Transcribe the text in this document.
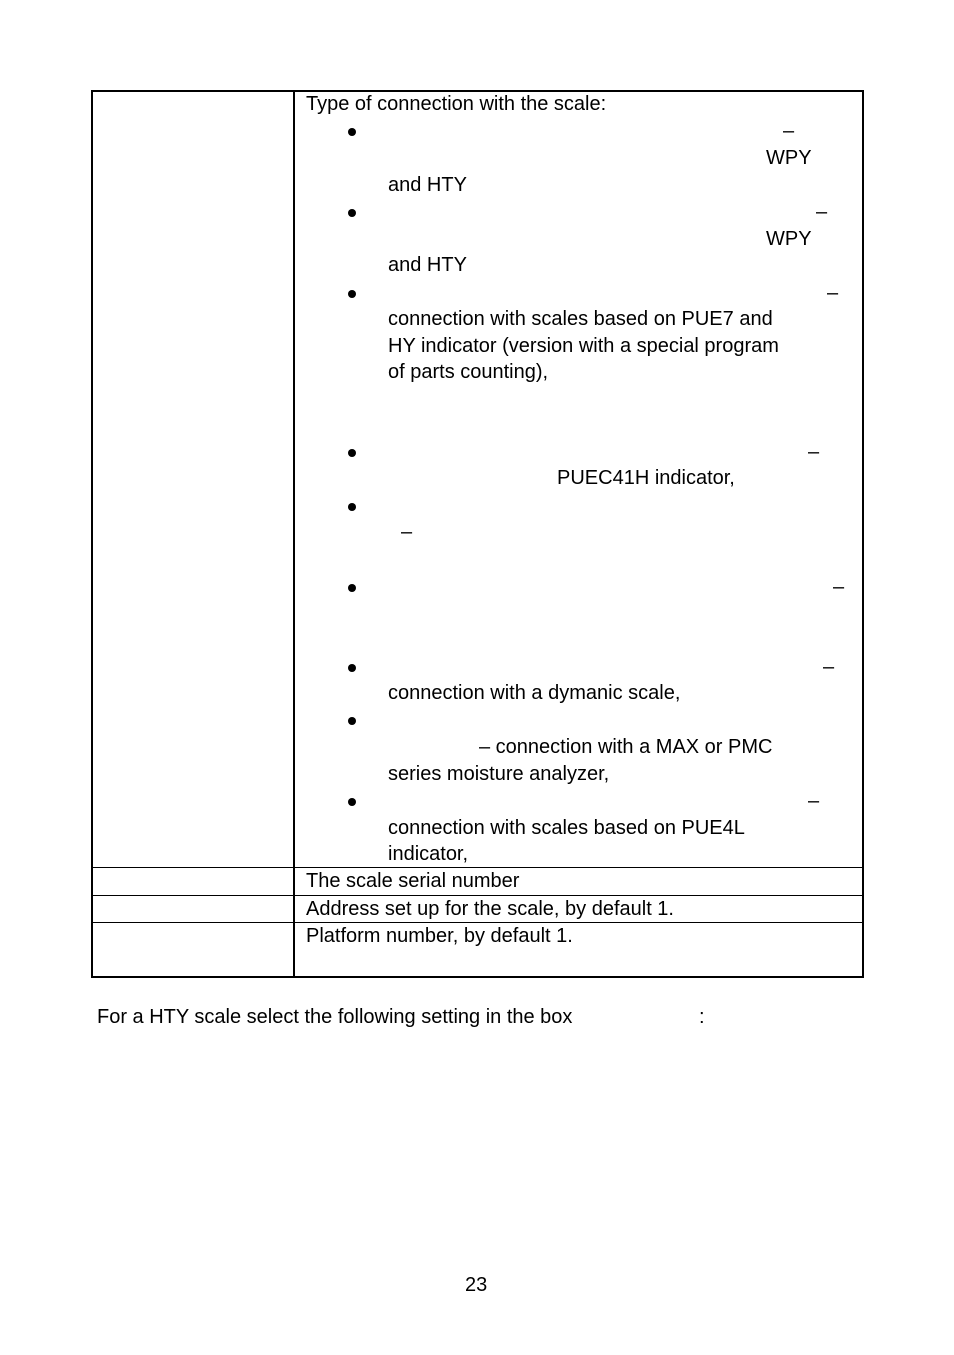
Type of connection with the scale:
–
WPY
and HTY
–
WPY
and HTY
–
connection with scales based on PUE7 and
HY indicator (version with a special program
of parts counting),
–
PUEC41H indicator,
–
–
–
connection with a dymanic scale,
– connection with a MAX or PMC
series moisture analyzer,
–
connection with scales based on PUE4L
indicator,
The scale serial number
Address set up for the scale, by default 1.
Platform number, by default 1.
For a HTY scale select the following setting in the box	:
23
